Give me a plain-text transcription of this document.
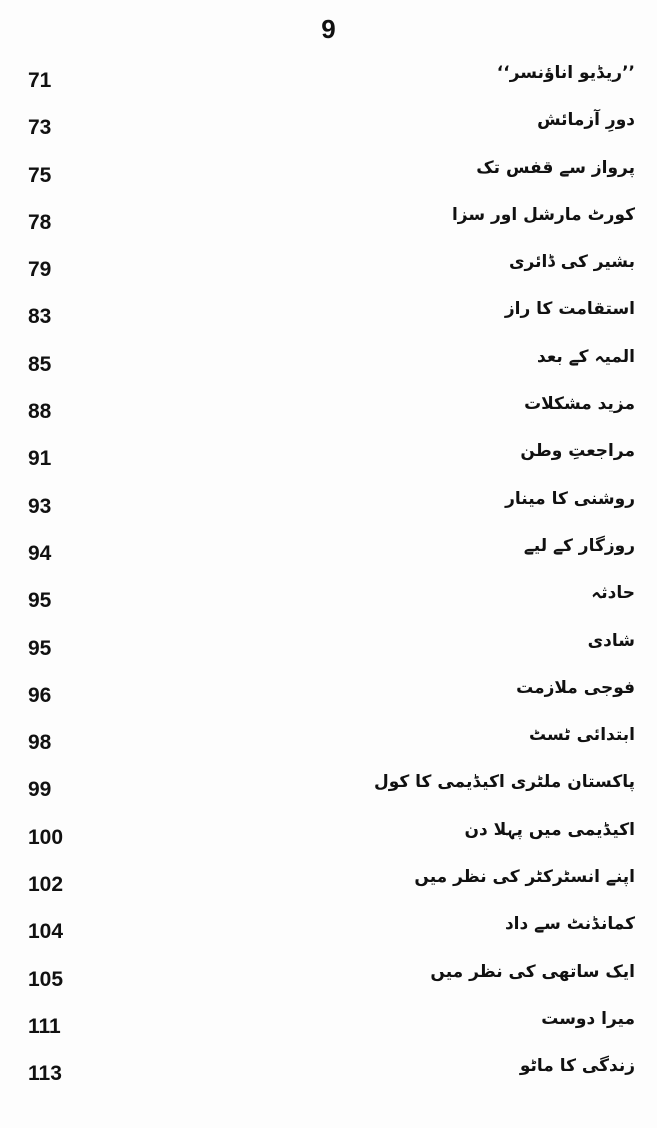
9
71	’’ریڈیو اناؤنسر‘‘
73	دورِ آزمائش
75	پرواز سے قفس تک
78	کورٹ مارشل اور سزا
79	بشیر کی ڈائری
83	استقامت کا راز
85	المیہ کے بعد
88	مزید مشکلات
91	مراجعتِ وطن
93	روشنی کا مینار
94	روزگار کے لیے
95	حادثہ
95	شادی
96	فوجی ملازمت
98	ابتدائی ٹسٹ
99	پاکستان ملٹری اکیڈیمی کا کول
100	اکیڈیمی میں پہلا دن
102	اپنے انسٹرکٹر کی نظر میں
104	کمانڈنٹ سے داد
105	ایک ساتھی کی نظر میں
111	میرا دوست
113	زندگی کا ماٹو
